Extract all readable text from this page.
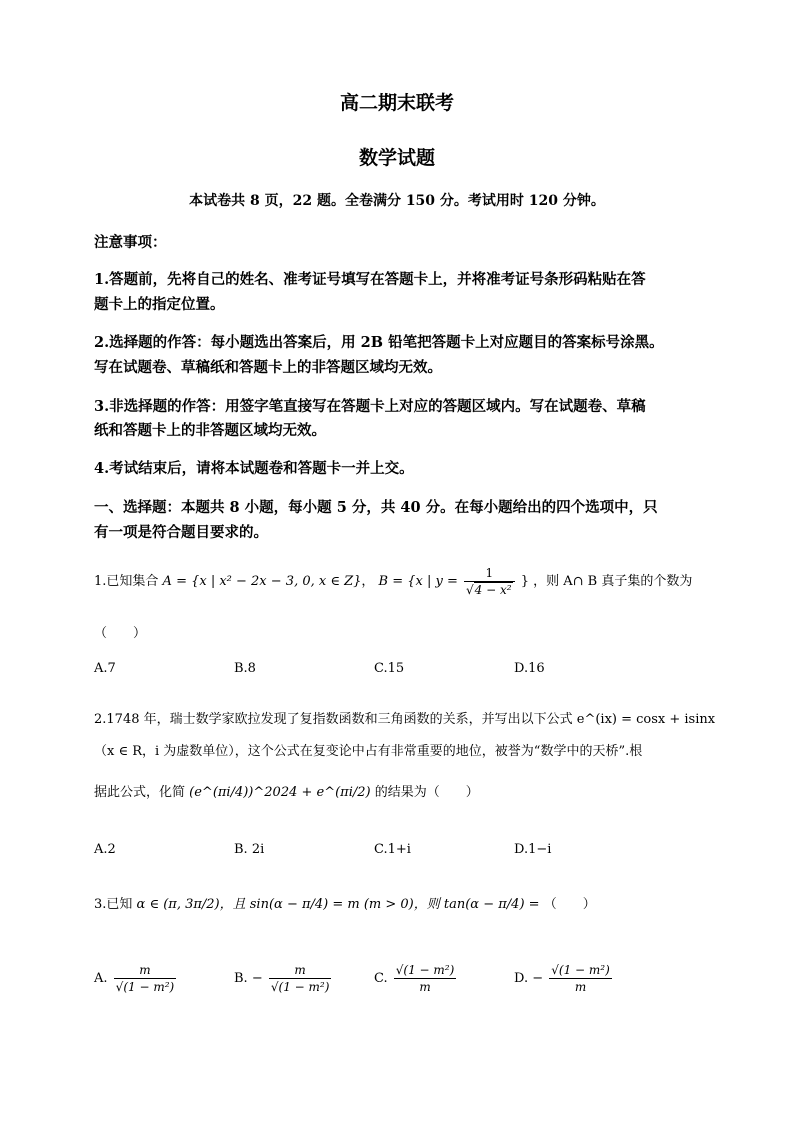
高二期末联考
数学试题
本试卷共 8 页，22 题。全卷满分 150 分。考试用时 120 分钟。
注意事项：
1.答题前，先将自己的姓名、准考证号填写在答题卡上，并将准考证号条形码粘贴在答
题卡上的指定位置。
2.选择题的作答：每小题选出答案后，用 2B 铅笔把答题卡上对应题目的答案标号涂黑。
写在试题卷、草稿纸和答题卡上的非答题区域均无效。
3.非选择题的作答：用签字笔直接写在答题卡上对应的答题区域内。写在试题卷、草稿
纸和答题卡上的非答题区域均无效。
4.考试结束后，请将本试题卷和答题卡一并上交。
一、选择题：本题共 8 小题，每小题 5 分，共 40 分。在每小题给出的四个选项中，只
有一项是符合题目要求的。
1.已知集合 A = {x | x² − 2x − 3, 0, x ∈ Z}， B = {x | $y = \frac{1}{\text{√4 − x²}}$ } ，则 A∩ B 真子集的个数为
（　　）
A.7	B.8	C.15	D.16
2.1748 年，瑞士数学家欧拉发现了复指数函数和三角函数的关系，并写出以下公式 e^(ix) = cosx + isinx
（x ∈ R，i 为虚数单位），这个公式在复变论中占有非常重要的地位，被誉为“数学中的天桥”.根
据此公式，化简 (e^(πi/4))^2024 + e^(πi/2) 的结果为（　　）
A.2	B. 2i	C.1+i	D.1−i
3.已知 α ∈ (π, 3π/2)，且 sin(α − π/4) = m (m > 0)，则 tan(α − π/4) = （　　）
A. $\frac{m}{\text{√(1 − m²)}}$	B. − $\frac{m}{\text{√(1 − m²)}}$	C. $\frac{\text{√(1 − m²)}}{m}$	D. − $\frac{\text{√(1 − m²)}}{m}$
